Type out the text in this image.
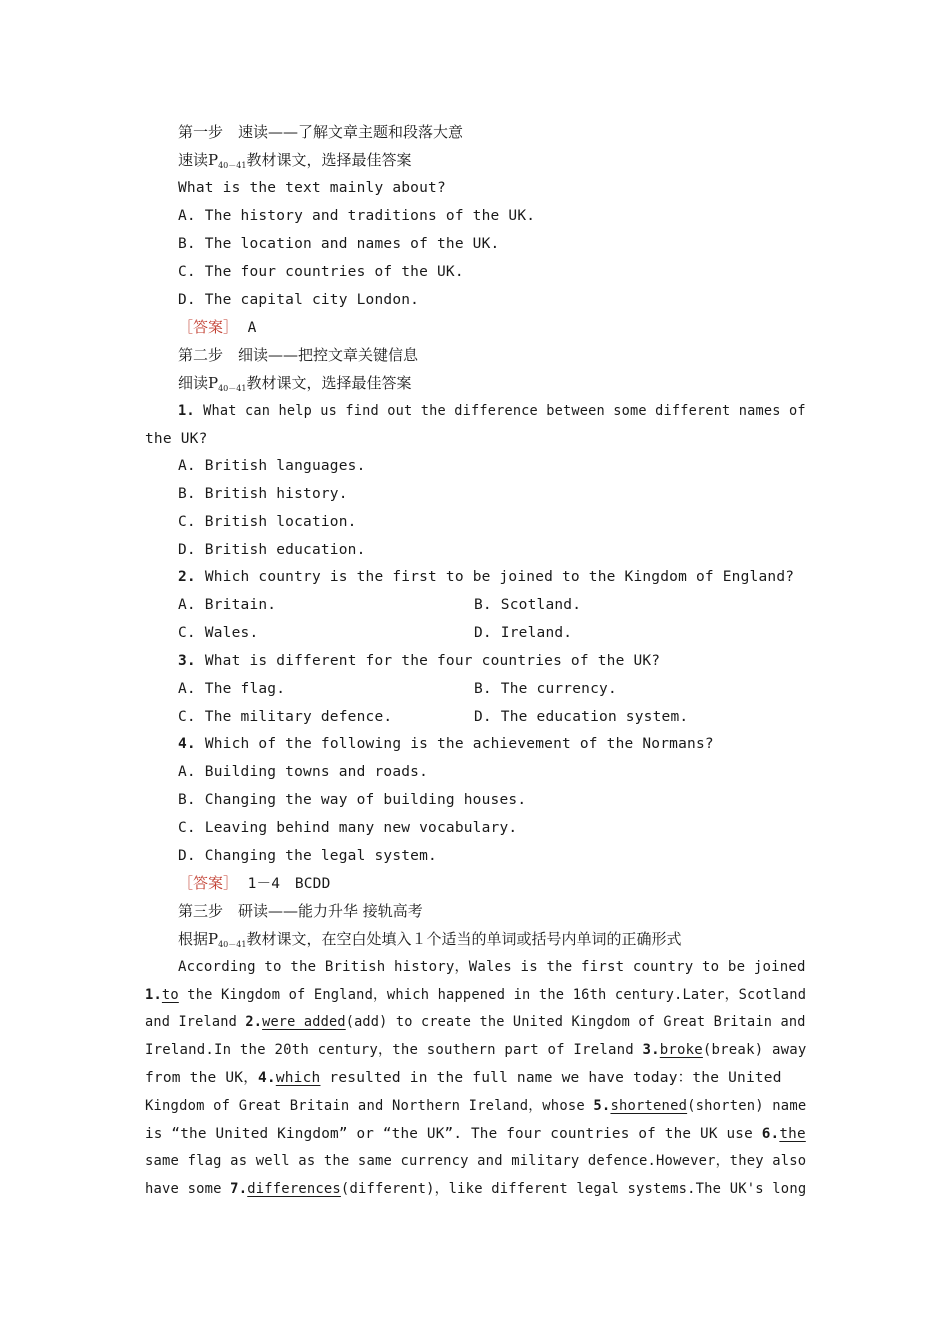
第一步　速读——了解文章主题和段落大意
速读$P_{40-41}$教材课文，选择最佳答案
What is the text mainly about?
A. The history and traditions of the UK.
B. The location and names of the UK.
C. The four countries of the UK.
D. The capital city London.
［答案］ A
第二步　细读——把控文章关键信息
细读$P_{40-41}$教材课文，选择最佳答案
1. What can help us find out the difference between some different names of
the UK?
A. British languages.
B. British history.
C. British location.
D. British education.
2. Which country is the first to be joined to the Kingdom of England?
A. Britain.	B. Scotland.
C. Wales.	D. Ireland.
3. What is different for the four countries of the UK?
A. The flag.	B. The currency.
C. The military defence.	D. The education system.
4. Which of the following is the achievement of the Normans?
A. Building towns and roads.
B. Changing the way of building houses.
C. Leaving behind many new vocabulary.
D. Changing the legal system.
［答案］ 1－4　BCDD
第三步　研读——能力升华 接轨高考
根据$P_{40-41}$教材课文，在空白处填入１个适当的单词或括号内单词的正确形式
According to the British history，Wales is the first country to be joined
1.to the Kingdom of England，which happened in the 16th century.Later，Scotland
and Ireland 2.were added(add) to create the United Kingdom of Great Britain and
Ireland.In the 20th century，the southern part of Ireland 3.broke(break) away
from the UK，4.which resulted in the full name we have today：the United
Kingdom of Great Britain and Northern Ireland，whose 5.shortened(shorten) name
is “the United Kingdom” or “the UK”. The four countries of the UK use 6.the
same flag as well as the same currency and military defence.However，they also
have some 7.differences(different)，like different legal systems.The UK's long
